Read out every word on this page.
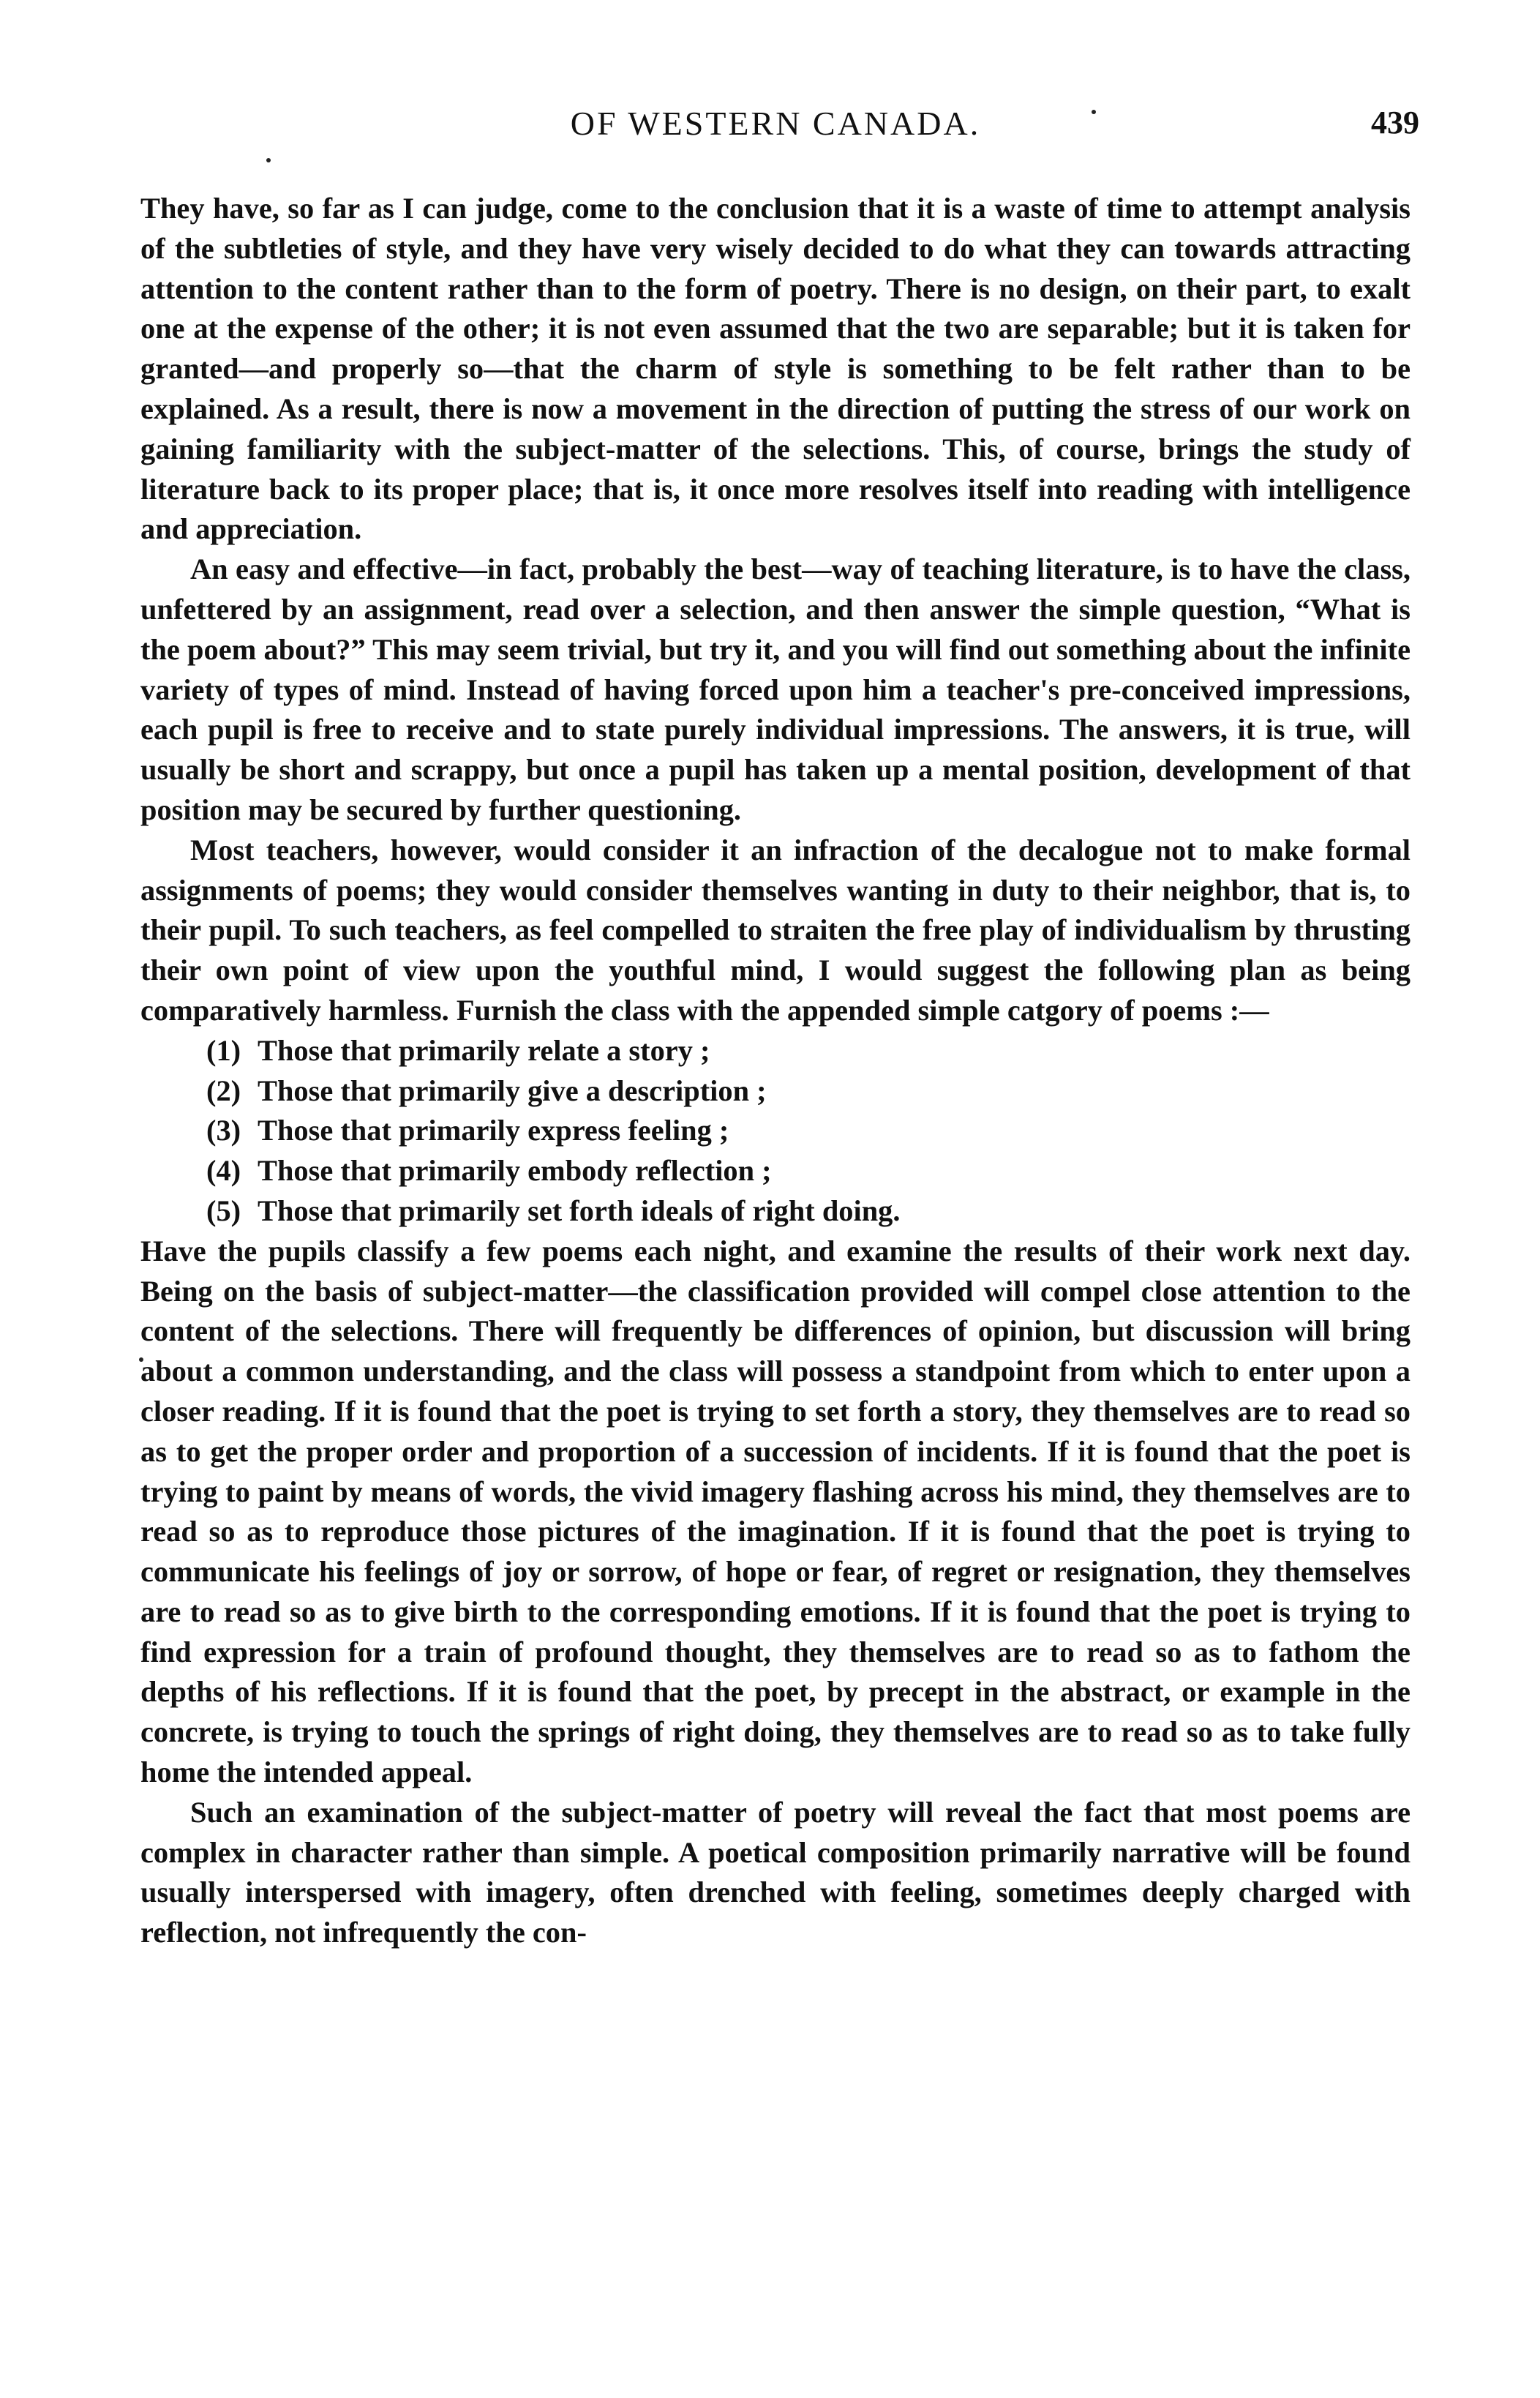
OF WESTERN CANADA.	439

They have, so far as I can judge, come to the conclusion that it is a waste of time to attempt analysis of the subtleties of style, and they have very wisely decided to do what they can towards attracting attention to the content rather than to the form of poetry. There is no design, on their part, to exalt one at the expense of the other; it is not even assumed that the two are separable; but it is taken for granted—and properly so—that the charm of style is something to be felt rather than to be explained. As a result, there is now a movement in the direction of putting the stress of our work on gaining familiarity with the subject-matter of the selections. This, of course, brings the study of literature back to its proper place; that is, it once more resolves itself into reading with intelligence and appreciation.

An easy and effective—in fact, probably the best—way of teaching literature, is to have the class, unfettered by an assignment, read over a selection, and then answer the simple question, “What is the poem about?” This may seem trivial, but try it, and you will find out something about the infinite variety of types of mind. Instead of having forced upon him a teacher's pre-conceived impressions, each pupil is free to receive and to state purely individual impressions. The answers, it is true, will usually be short and scrappy, but once a pupil has taken up a mental position, development of that position may be secured by further questioning.

Most teachers, however, would consider it an infraction of the decalogue not to make formal assignments of poems; they would consider themselves wanting in duty to their neighbor, that is, to their pupil. To such teachers, as feel compelled to straiten the free play of individualism by thrusting their own point of view upon the youthful mind, I would suggest the following plan as being comparatively harmless. Furnish the class with the appended simple catgory of poems :—

(1) Those that primarily relate a story ;
(2) Those that primarily give a description ;
(3) Those that primarily express feeling ;
(4) Those that primarily embody reflection ;
(5) Those that primarily set forth ideals of right doing.

Have the pupils classify a few poems each night, and examine the results of their work next day. Being on the basis of subject-matter—the classification provided will compel close attention to the content of the selections. There will frequently be differences of opinion, but discussion will bring about a common understanding, and the class will possess a standpoint from which to enter upon a closer reading. If it is found that the poet is trying to set forth a story, they themselves are to read so as to get the proper order and proportion of a succession of incidents. If it is found that the poet is trying to paint by means of words, the vivid imagery flashing across his mind, they themselves are to read so as to reproduce those pictures of the imagination. If it is found that the poet is trying to communicate his feelings of joy or sorrow, of hope or fear, of regret or resignation, they themselves are to read so as to give birth to the corresponding emotions. If it is found that the poet is trying to find expression for a train of profound thought, they themselves are to read so as to fathom the depths of his reflections. If it is found that the poet, by precept in the abstract, or example in the concrete, is trying to touch the springs of right doing, they themselves are to read so as to take fully home the intended appeal.

Such an examination of the subject-matter of poetry will reveal the fact that most poems are complex in character rather than simple. A poetical composition primarily narrative will be found usually interspersed with imagery, often drenched with feeling, sometimes deeply charged with reflection, not infrequently the con-
